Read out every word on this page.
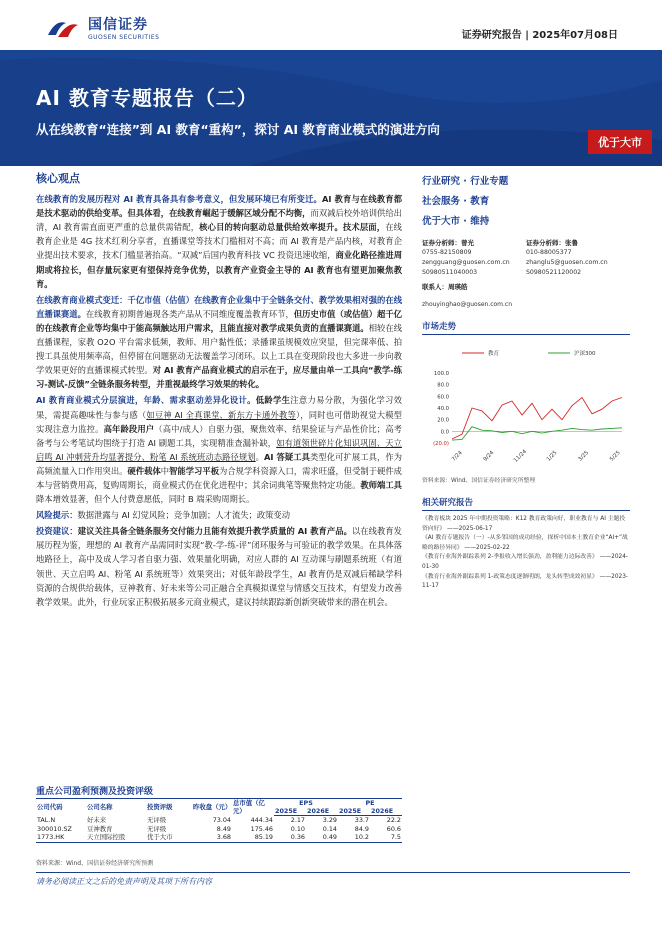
国信证券
GUOSEN SECURITIES	证券研究报告 | 2025年07月08日
AI 教育专题报告（二）
从在线教育“连接”到 AI 教育“重构”，探讨 AI 教育商业模式的演进方向
优于大市
核心观点
在线教育的发展历程对 AI 教育具备具有参考意义，但发展环境已有所变迁。AI 教育与在线教育都是技术驱动的供给变革。但具体看，在线教育崛起于缓解区域分配不均衡，而双减后校外培训供给出清，AI 教育需直面更严重的总量供需错配，核心目的转向驱动总量供给效率提升。技术层面，在线教育企业是 4G 技术红利分享者，直播课堂等技术门槛相对不高；而 AI 教育是产品内核，对教育企业提出技术要求，技术门槛显著抬高。“双减”后国内教育科技 VC 投资迅速收缩，商业化路径推进周期或将拉长，但存量玩家更有望保持竞争优势，以教育产业资金主导的 AI 教育也有望更加聚焦教育。
在线教育商业模式变迁：千亿市值（估值）在线教育企业集中于全链条交付、教学效果相对强的在线直播课赛道。在线教育初期普遍现各类产品从不同维度覆盖教育环节，但历史市值（或估值）超千亿的在线教育企业等均集中于能高频触达用户需求，且能直接对教学成果负责的直播课赛道。相较在线直播课程，家教 O2O 平台需求低频，教师、用户黏性低；录播课虽规模效应突显，但完课率低、拍搜工具虽使用频率高，但停留在问题驱动无法覆盖学习闭环。以上工具在变现阶段也大多进一步向教学效果更好的直播课模式转型。对 AI 教育产品商业模式的启示在于，应尽量由单一工具向“教学-练习-测试-反馈”全链条服务转型，并重视最终学习效果的转化。
AI 教育商业模式分层演进，年龄、需求驱动差异化设计。低龄学生注意力易分散，为强化学习效果，需提高趣味性与参与感（如豆神 AI 全真课堂、新东方卡通外教等），同时也可借助视觉大模型实现注意力监控。高年龄段用户（高中/成人）自驱力强，聚焦效率、结果验证与产品性价比；高考备考与公考笔试均围绕于打造 AI 刷题工具，实现精准查漏补缺，如有道领世碎片化知识巩固、天立启鸣 AI 冲刺营升均显著提分、粉笔 AI 系统班动态路径规划。AI 答疑工具类型化可扩展工具，作为高频流量入口作用突出。硬件载体中智能学习平板为合规学科资源入口，需求旺盛，但受制于硬件成本与营销费用高，复购周期长，商业模式仍在优化进程中；其余词典笔等聚焦特定功能。教师端工具降本增效显著，但个人付费意愿低，同时 B 端采购周期长。
风险提示：数据泄露与 AI 幻觉风险；竞争加剧；人才流失；政策变动
投资建议：建议关注具备全链条服务交付能力且能有效提升教学质量的 AI 教育产品。以在线教育发展历程为鉴，理想的 AI 教育产品需同时实现“教-学-练-评”闭环服务与可验证的教学效果。在具体落地路径上，高中及成人学习者自驱力强、效果量化明确，对应人群的 AI 互动课与刷题系统班（有道领世、天立启鸣 AI、粉笔 AI 系统班等）效果突出；对低年龄段学生，AI 教育仍是双减后稀缺学科资源的合规供给载体，豆神教育、好未来等公司正融合全真模拟课堂与情感交互技术，有望发力改善教学效果。此外，行业玩家正积极拓展多元商业模式，建议持续跟踪新创新突破带来的潜在机会。
重点公司盈利预测及投资评级
公司代码	公司名称	投资评级	昨收盘（元）	总市值（亿元）	EPS		PE	
					2025E	2026E	2025E	2026E
TAL.N	好未来	无评级	73.04	444.34	2.17	3.29	33.7	22.2
300010.SZ	豆神教育	无评级	8.49	175.46	0.10	0.14	84.9	60.6
1773.HK	天立国际控股	优于大市	3.68	85.19	0.36	0.49	10.2	7.5
资料来源：Wind、国信证券经济研究所预测
行业研究 · 行业专题
社会服务 · 教育
优于大市 · 维持
证券分析师：曾光
0755-82150809
zengguang@guosen.com.cn
S0980511040003
证券分析师：张鲁
010-88005377
zhanglu5@guosen.com.cn
S0980521120002
联系人：周瑛皓
zhouyinghao@guosen.com.cn
市场走势
教育	沪深300
100.0
80.0
60.0
40.0
20.0
0.0
(20.0)
7/24	9/24	11/24	1/25	3/25	5/25
资料来源：Wind、国信证券经济研究所整理
相关研究报告
《教育板块 2025 年中期投资策略：K12 教育政策向好，职业教育与 AI 主题投资向好》 ——2025-06-17
《AI 教育专题报告（一）-从多邻国的成功经验，探析中国本土教育企业“AI+”战略的路径异同》 ——2025-02-22
《教育行业海外跟踪系列 2-季报收入增长强劲，盈利能力边际改善》 ——2024-01-30
《教育行业海外跟踪系列 1-政策态度逐渐明朗，龙头转型成效初显》 ——2023-11-17
请务必阅读正文之后的免责声明及其项下所有内容
